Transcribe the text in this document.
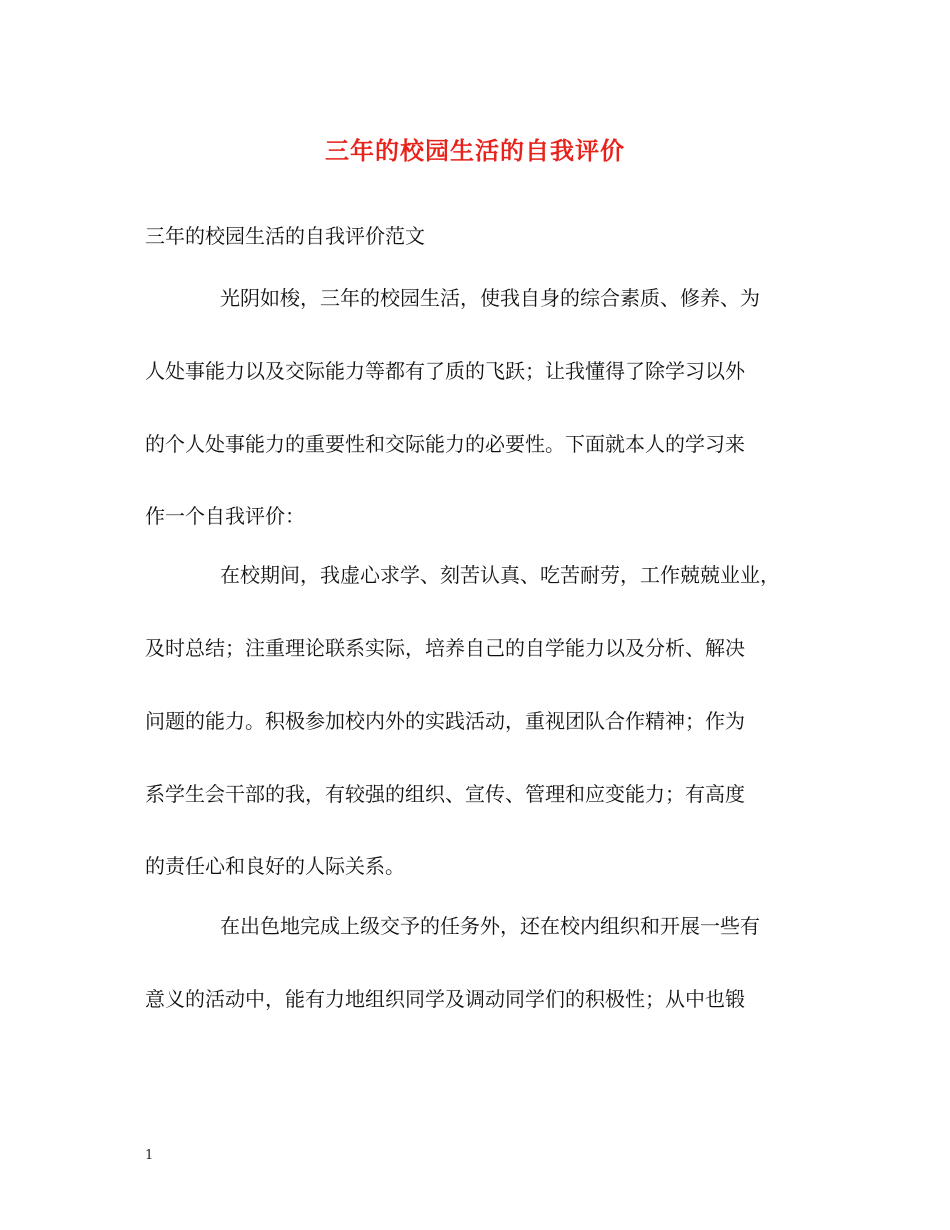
三年的校园生活的自我评价
三年的校园生活的自我评价范文
光阴如梭，三年的校园生活，使我自身的综合素质、修养、为
人处事能力以及交际能力等都有了质的飞跃；让我懂得了除学习以外
的个人处事能力的重要性和交际能力的必要性。下面就本人的学习来
作一个自我评价：
在校期间，我虚心求学、刻苦认真、吃苦耐劳，工作兢兢业业，
及时总结；注重理论联系实际，培养自己的自学能力以及分析、解决
问题的能力。积极参加校内外的实践活动，重视团队合作精神；作为
系学生会干部的我，有较强的组织、宣传、管理和应变能力；有高度
的责任心和良好的人际关系。
在出色地完成上级交予的任务外，还在校内组织和开展一些有
意义的活动中，能有力地组织同学及调动同学们的积极性；从中也锻
1
